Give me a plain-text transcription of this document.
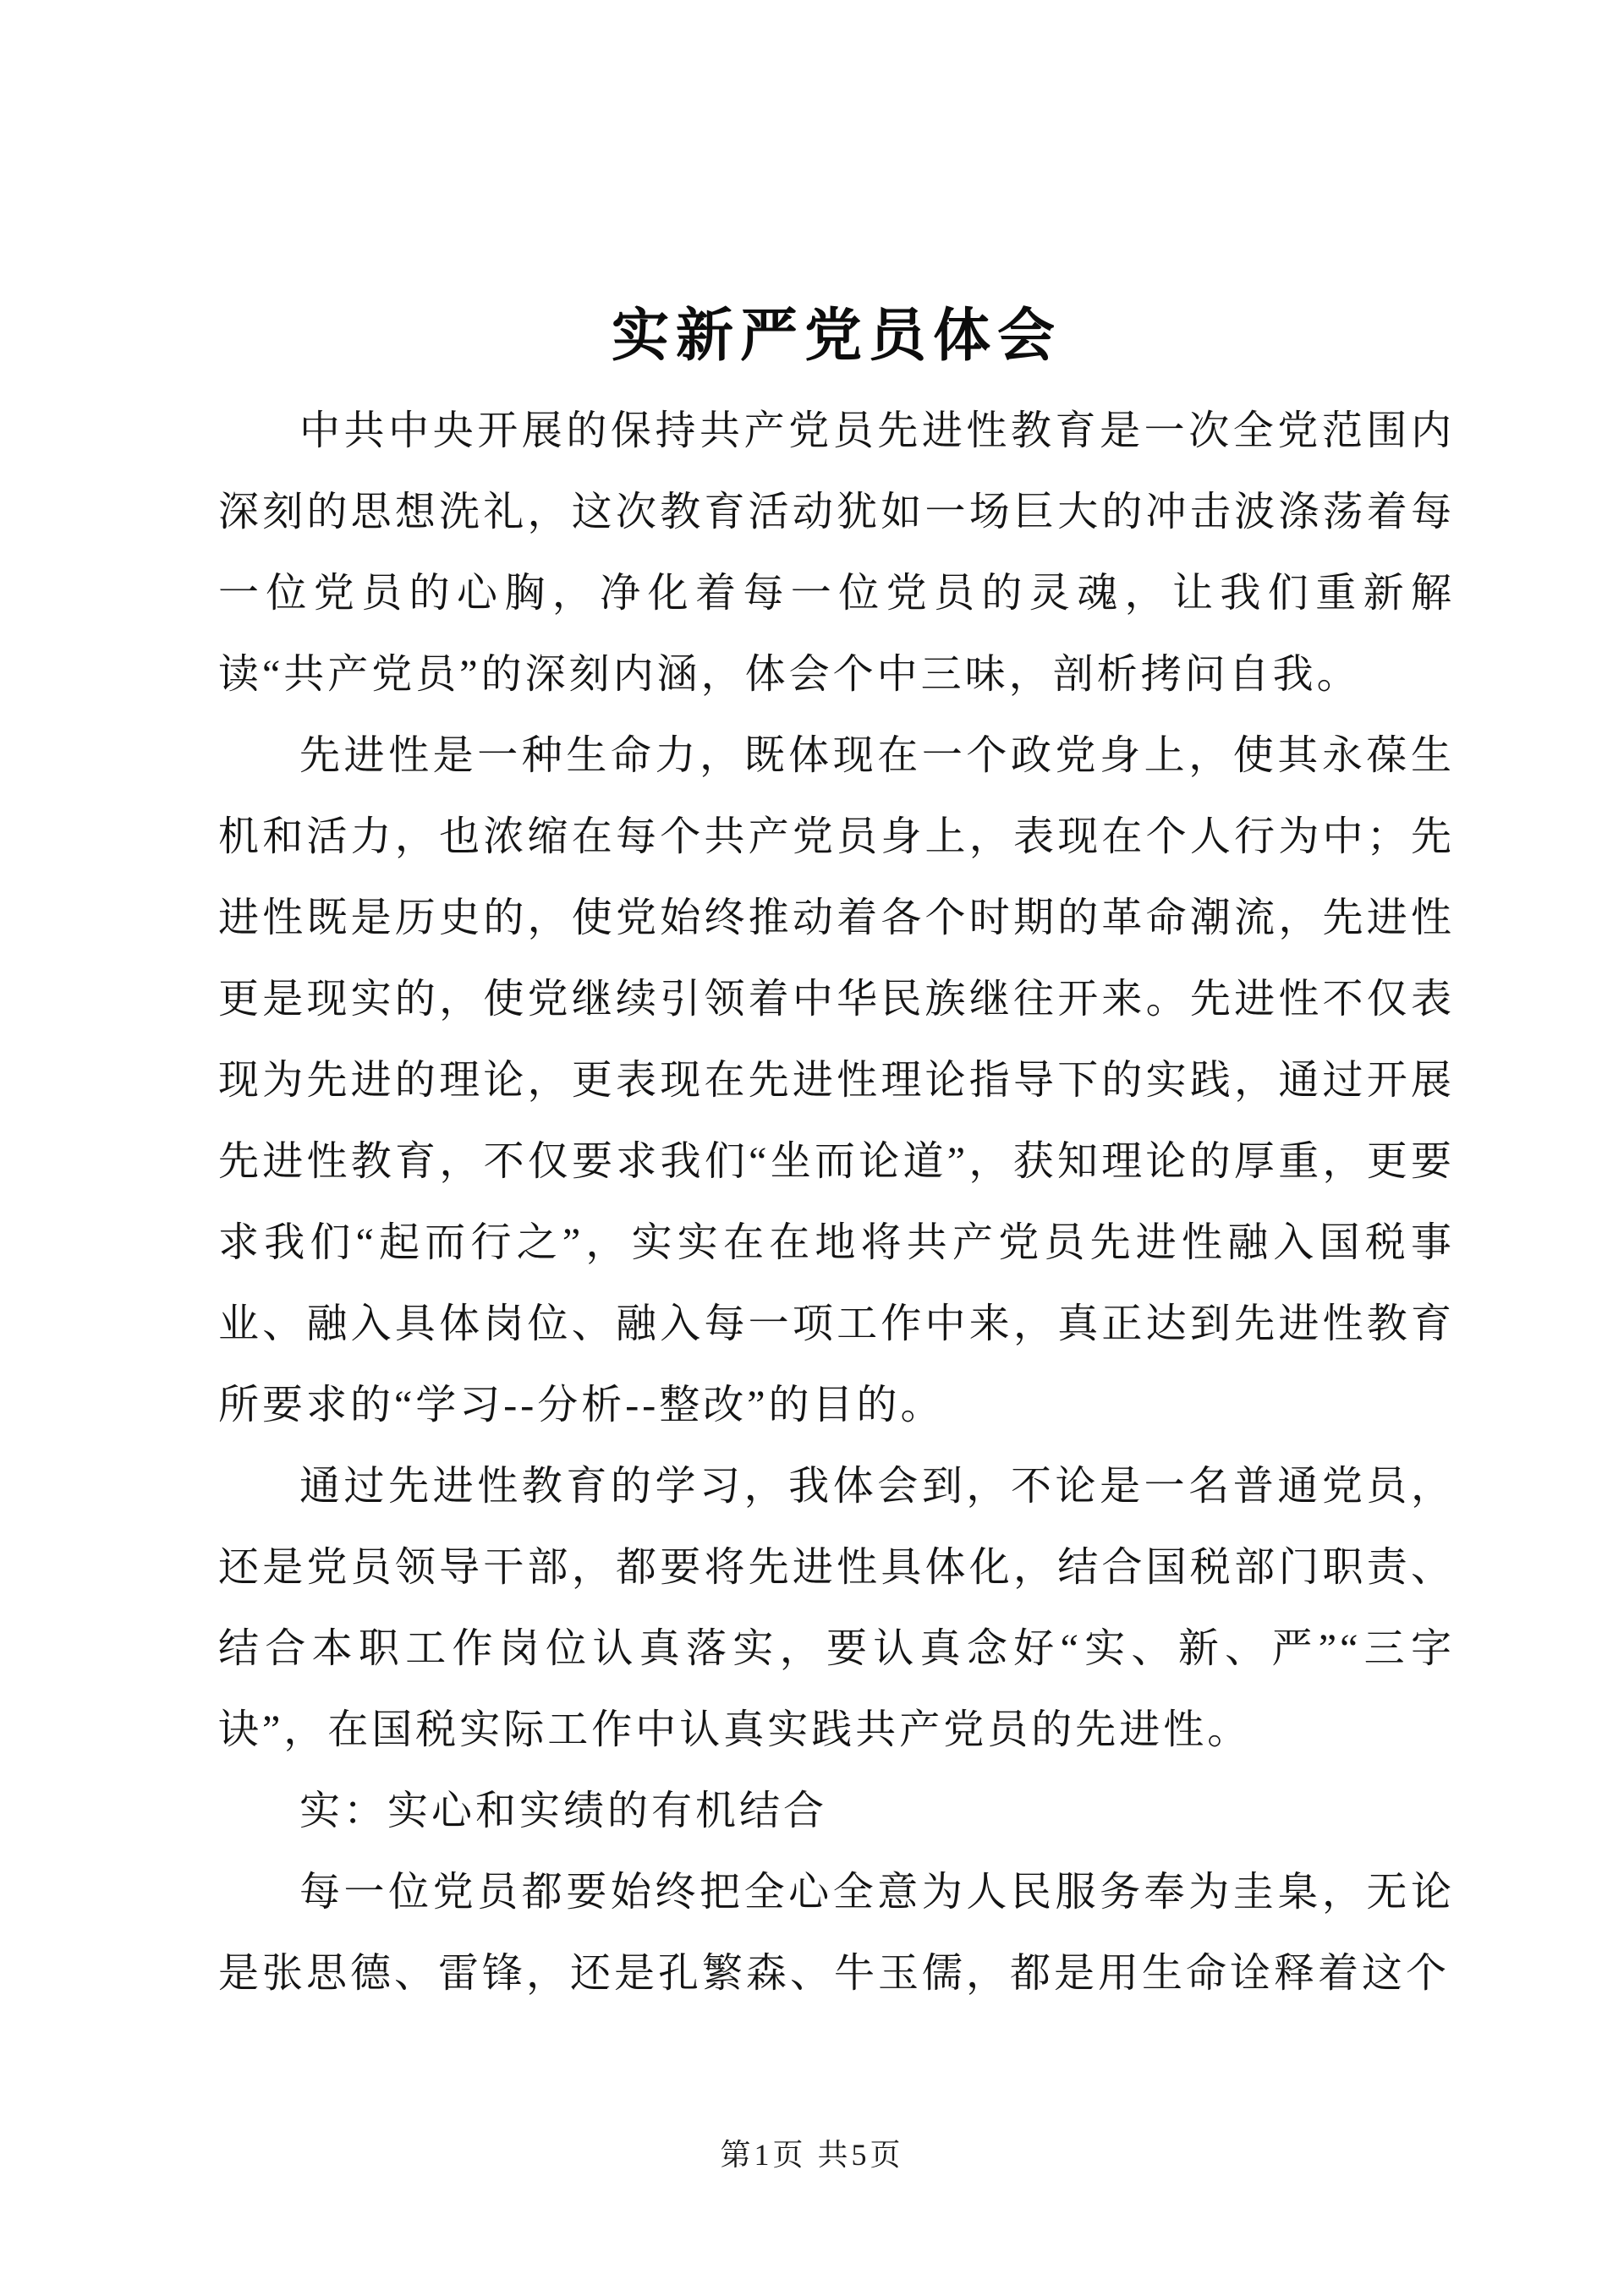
实新严党员体会

中共中央开展的保持共产党员先进性教育是一次全党范围内深刻的思想洗礼，这次教育活动犹如一场巨大的冲击波涤荡着每一位党员的心胸，净化着每一位党员的灵魂，让我们重新解读“共产党员”的深刻内涵，体会个中三味，剖析拷问自我。

先进性是一种生命力，既体现在一个政党身上，使其永葆生机和活力，也浓缩在每个共产党员身上，表现在个人行为中；先进性既是历史的，使党始终推动着各个时期的革命潮流，先进性更是现实的，使党继续引领着中华民族继往开来。先进性不仅表现为先进的理论，更表现在先进性理论指导下的实践，通过开展先进性教育，不仅要求我们“坐而论道”，获知理论的厚重，更要求我们“起而行之”，实实在在地将共产党员先进性融入国税事业、融入具体岗位、融入每一项工作中来，真正达到先进性教育所要求的“学习--分析--整改”的目的。

通过先进性教育的学习，我体会到，不论是一名普通党员，还是党员领导干部，都要将先进性具体化，结合国税部门职责、结合本职工作岗位认真落实，要认真念好“实、新、严”“三字诀”，在国税实际工作中认真实践共产党员的先进性。

实：实心和实绩的有机结合

每一位党员都要始终把全心全意为人民服务奉为圭臬，无论是张思德、雷锋，还是孔繁森、牛玉儒，都是用生命诠释着这个

第1页 共5页
